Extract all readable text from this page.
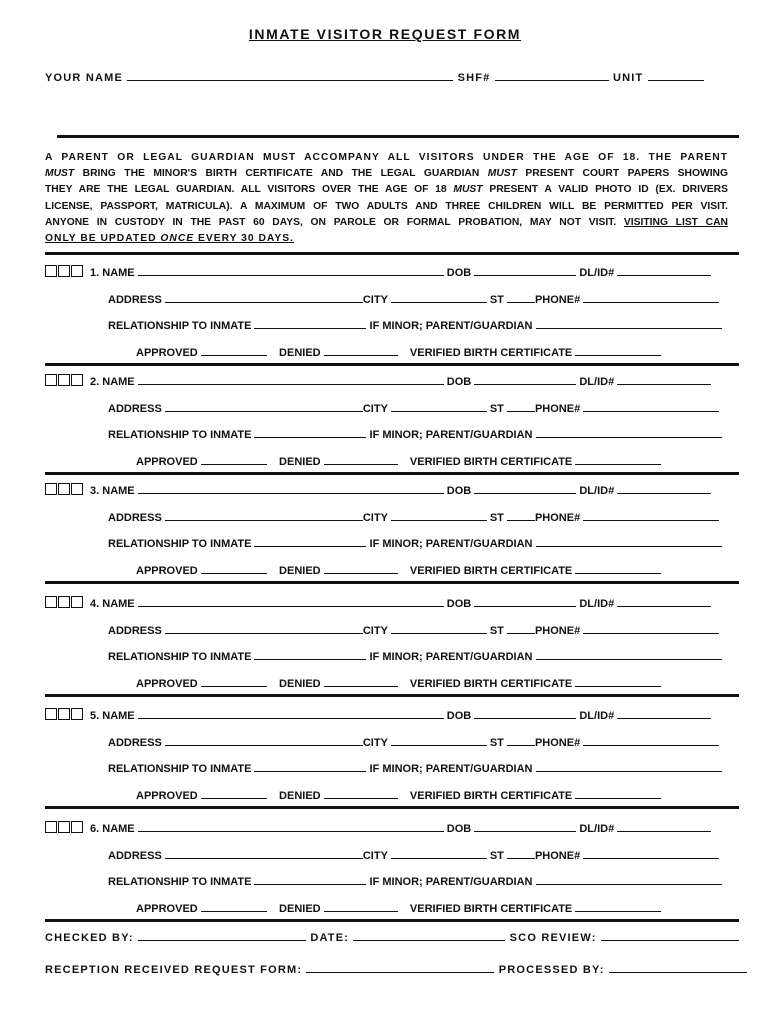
INMATE VISITOR REQUEST FORM
YOUR NAME	SHF#	UNIT
A PARENT OR LEGAL GUARDIAN MUST ACCOMPANY ALL VISITORS UNDER THE AGE OF 18. THE PARENT
MUST BRING THE MINOR'S BIRTH CERTIFICATE AND THE LEGAL GUARDIAN MUST PRESENT COURT PAPERS SHOWING
THEY ARE THE LEGAL GUARDIAN. ALL VISITORS OVER THE AGE OF 18 MUST PRESENT A VALID PHOTO ID (EX. DRIVERS
LICENSE, PASSPORT, MATRICULA). A MAXIMUM OF TWO ADULTS AND THREE CHILDREN WILL BE PERMITTED PER VISIT.
ANYONE IN CUSTODY IN THE PAST 60 DAYS, ON PAROLE OR FORMAL PROBATION, MAY NOT VISIT. VISITING LIST CAN
ONLY BE UPDATED ONCE EVERY 30 DAYS.
1. NAME	DOB	DL/ID#
ADDRESS	CITY	ST	PHONE#
RELATIONSHIP TO INMATE	IF MINOR; PARENT/GUARDIAN
APPROVED	DENIED	VERIFIED BIRTH CERTIFICATE
2. NAME	DOB	DL/ID#
ADDRESS	CITY	ST	PHONE#
RELATIONSHIP TO INMATE	IF MINOR; PARENT/GUARDIAN
APPROVED	DENIED	VERIFIED BIRTH CERTIFICATE
3. NAME	DOB	DL/ID#
ADDRESS	CITY	ST	PHONE#
RELATIONSHIP TO INMATE	IF MINOR; PARENT/GUARDIAN
APPROVED	DENIED	VERIFIED BIRTH CERTIFICATE
4. NAME	DOB	DL/ID#
ADDRESS	CITY	ST	PHONE#
RELATIONSHIP TO INMATE	IF MINOR; PARENT/GUARDIAN
APPROVED	DENIED	VERIFIED BIRTH CERTIFICATE
5. NAME	DOB	DL/ID#
ADDRESS	CITY	ST	PHONE#
RELATIONSHIP TO INMATE	IF MINOR; PARENT/GUARDIAN
APPROVED	DENIED	VERIFIED BIRTH CERTIFICATE
6. NAME	DOB	DL/ID#
ADDRESS	CITY	ST	PHONE#
RELATIONSHIP TO INMATE	IF MINOR; PARENT/GUARDIAN
APPROVED	DENIED	VERIFIED BIRTH CERTIFICATE
CHECKED BY:	DATE:	SCO REVIEW:
RECEPTION RECEIVED REQUEST FORM:	PROCESSED BY:
